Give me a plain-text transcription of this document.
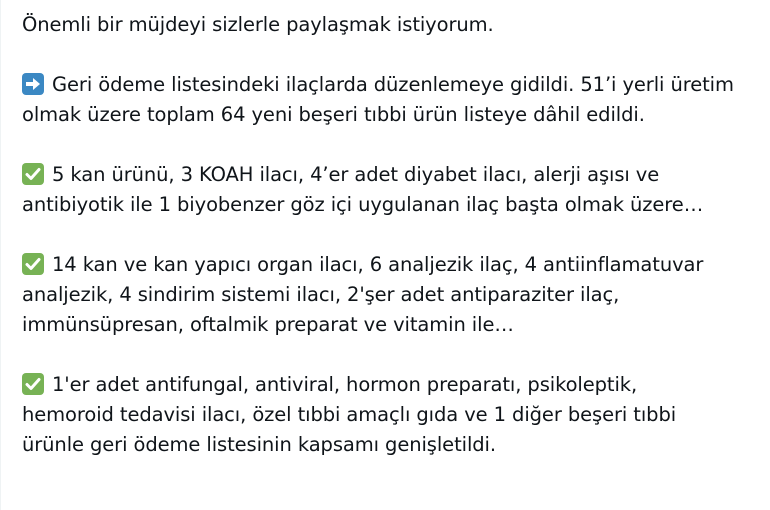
Önemli bir müjdeyi sizlerle paylaşmak istiyorum.

Geri ödeme listesindeki ilaçlarda düzenlemeye gidildi. 51’i yerli üretim
olmak üzere toplam 64 yeni beşeri tıbbi ürün listeye dâhil edildi.

5 kan ürünü, 3 KOAH ilacı, 4’er adet diyabet ilacı, alerji aşısı ve
antibiyotik ile 1 biyobenzer göz içi uygulanan ilaç başta olmak üzere…

14 kan ve kan yapıcı organ ilacı, 6 analjezik ilaç, 4 antiinflamatuvar
analjezik, 4 sindirim sistemi ilacı, 2'şer adet antiparaziter ilaç,
immünsüpresan, oftalmik preparat ve vitamin ile…

1'er adet antifungal, antiviral, hormon preparatı, psikoleptik,
hemoroid tedavisi ilacı, özel tıbbi amaçlı gıda ve 1 diğer beşeri tıbbi
ürünle geri ödeme listesinin kapsamı genişletildi.
